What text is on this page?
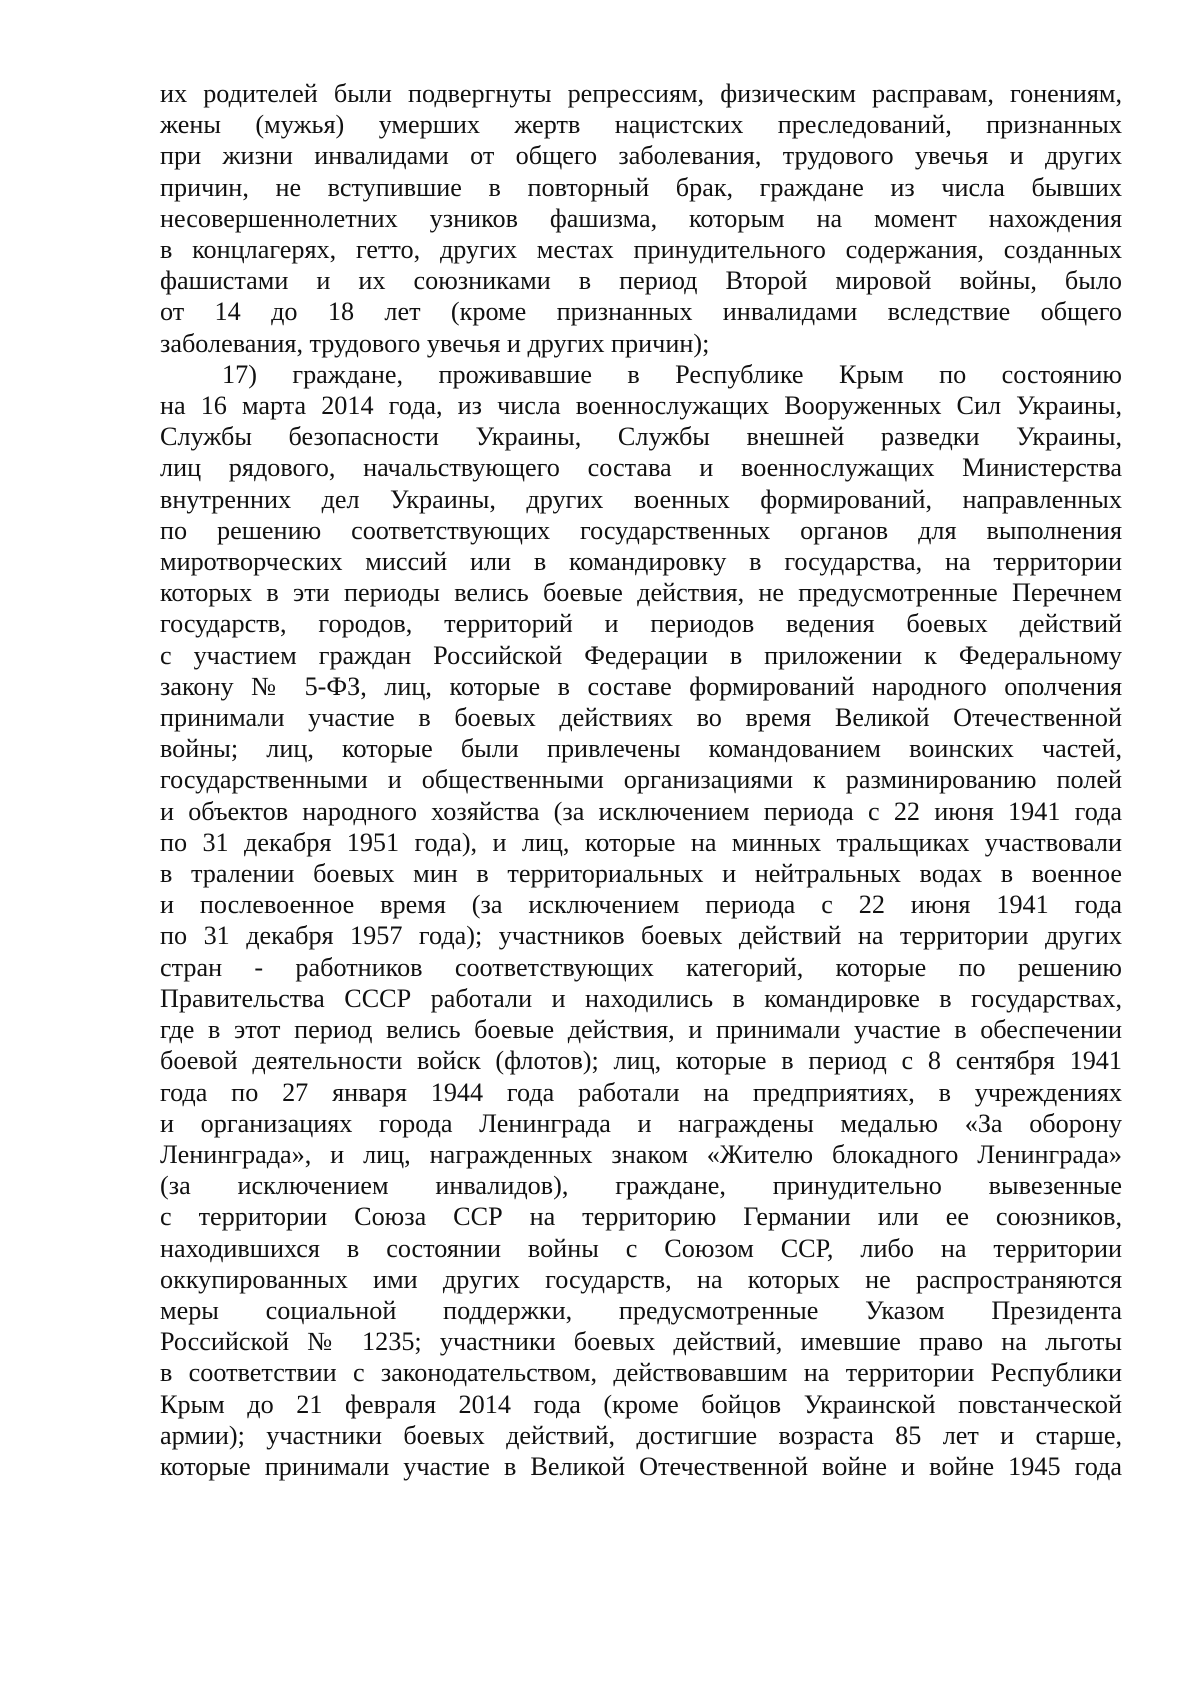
их родителей были подвергнуты репрессиям, физическим расправам, гонениям,
жены (мужья) умерших жертв нацистских преследований, признанных
при жизни инвалидами от общего заболевания, трудового увечья и других
причин, не вступившие в повторный брак, граждане из числа бывших
несовершеннолетних узников фашизма, которым на момент нахождения
в концлагерях, гетто, других местах принудительного содержания, созданных
фашистами и их союзниками в период Второй мировой войны, было
от 14 до 18 лет (кроме признанных инвалидами вследствие общего
заболевания, трудового увечья и других причин);
17) граждане, проживавшие в Республике Крым по состоянию
на 16 марта 2014 года, из числа военнослужащих Вооруженных Сил Украины,
Службы безопасности Украины, Службы внешней разведки Украины,
лиц рядового, начальствующего состава и военнослужащих Министерства
внутренних дел Украины, других военных формирований, направленных
по решению соответствующих государственных органов для выполнения
миротворческих миссий или в командировку в государства, на территории
которых в эти периоды велись боевые действия, не предусмотренные Перечнем
государств, городов, территорий и периодов ведения боевых действий
с участием граждан Российской Федерации в приложении к Федеральному
закону № 5-ФЗ, лиц, которые в составе формирований народного ополчения
принимали участие в боевых действиях во время Великой Отечественной
войны; лиц, которые были привлечены командованием воинских частей,
государственными и общественными организациями к разминированию полей
и объектов народного хозяйства (за исключением периода с 22 июня 1941 года
по 31 декабря 1951 года), и лиц, которые на минных тральщиках участвовали
в тралении боевых мин в территориальных и нейтральных водах в военное
и послевоенное время (за исключением периода с 22 июня 1941 года
по 31 декабря 1957 года); участников боевых действий на территории других
стран - работников соответствующих категорий, которые по решению
Правительства СССР работали и находились в командировке в государствах,
где в этот период велись боевые действия, и принимали участие в обеспечении
боевой деятельности войск (флотов); лиц, которые в период с 8 сентября 1941
года по 27 января 1944 года работали на предприятиях, в учреждениях
и организациях города Ленинграда и награждены медалью «За оборону
Ленинграда», и лиц, награжденных знаком «Жителю блокадного Ленинграда»
(за исключением инвалидов), граждане, принудительно вывезенные
с территории Союза ССР на территорию Германии или ее союзников,
находившихся в состоянии войны с Союзом ССР, либо на территории
оккупированных ими других государств, на которых не распространяются
меры социальной поддержки, предусмотренные Указом Президента
Российской № 1235; участники боевых действий, имевшие право на льготы
в соответствии с законодательством, действовавшим на территории Республики
Крым до 21 февраля 2014 года (кроме бойцов Украинской повстанческой
армии); участники боевых действий, достигшие возраста 85 лет и старше,
которые принимали участие в Великой Отечественной войне и войне 1945 года
